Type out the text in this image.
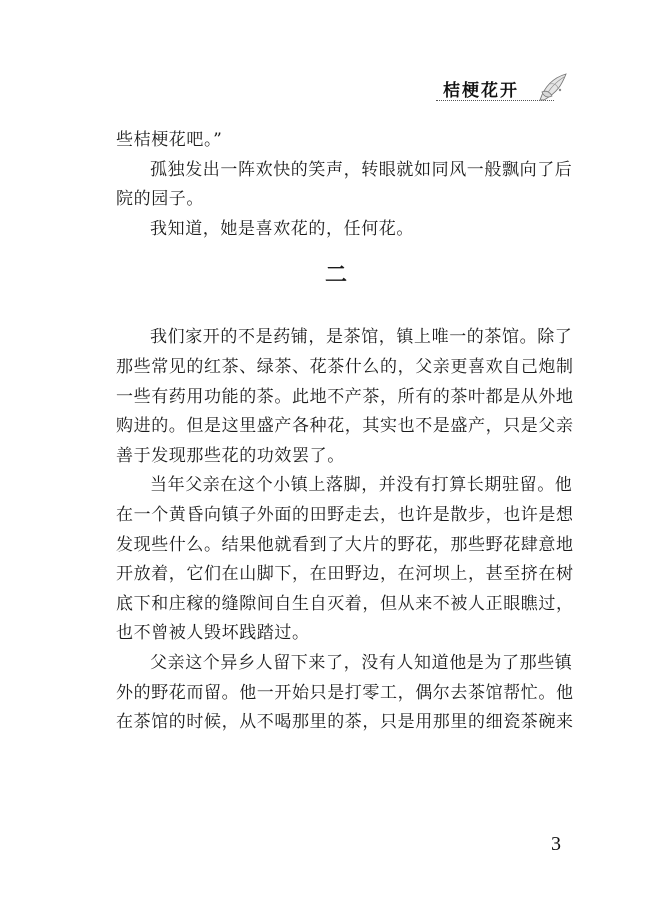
桔梗花开
些桔梗花吧。”
孤独发出一阵欢快的笑声，转眼就如同风一般飘向了后
院的园子。
我知道，她是喜欢花的，任何花。
二
我们家开的不是药铺，是茶馆，镇上唯一的茶馆。除了
那些常见的红茶、绿茶、花茶什么的，父亲更喜欢自己炮制
一些有药用功能的茶。此地不产茶，所有的茶叶都是从外地
购进的。但是这里盛产各种花，其实也不是盛产，只是父亲
善于发现那些花的功效罢了。
当年父亲在这个小镇上落脚，并没有打算长期驻留。他
在一个黄昏向镇子外面的田野走去，也许是散步，也许是想
发现些什么。结果他就看到了大片的野花，那些野花肆意地
开放着，它们在山脚下，在田野边，在河坝上，甚至挤在树
底下和庄稼的缝隙间自生自灭着，但从来不被人正眼瞧过，
也不曾被人毁坏践踏过。
父亲这个异乡人留下来了，没有人知道他是为了那些镇
外的野花而留。他一开始只是打零工，偶尔去茶馆帮忙。他
在茶馆的时候，从不喝那里的茶，只是用那里的细瓷茶碗来
3
